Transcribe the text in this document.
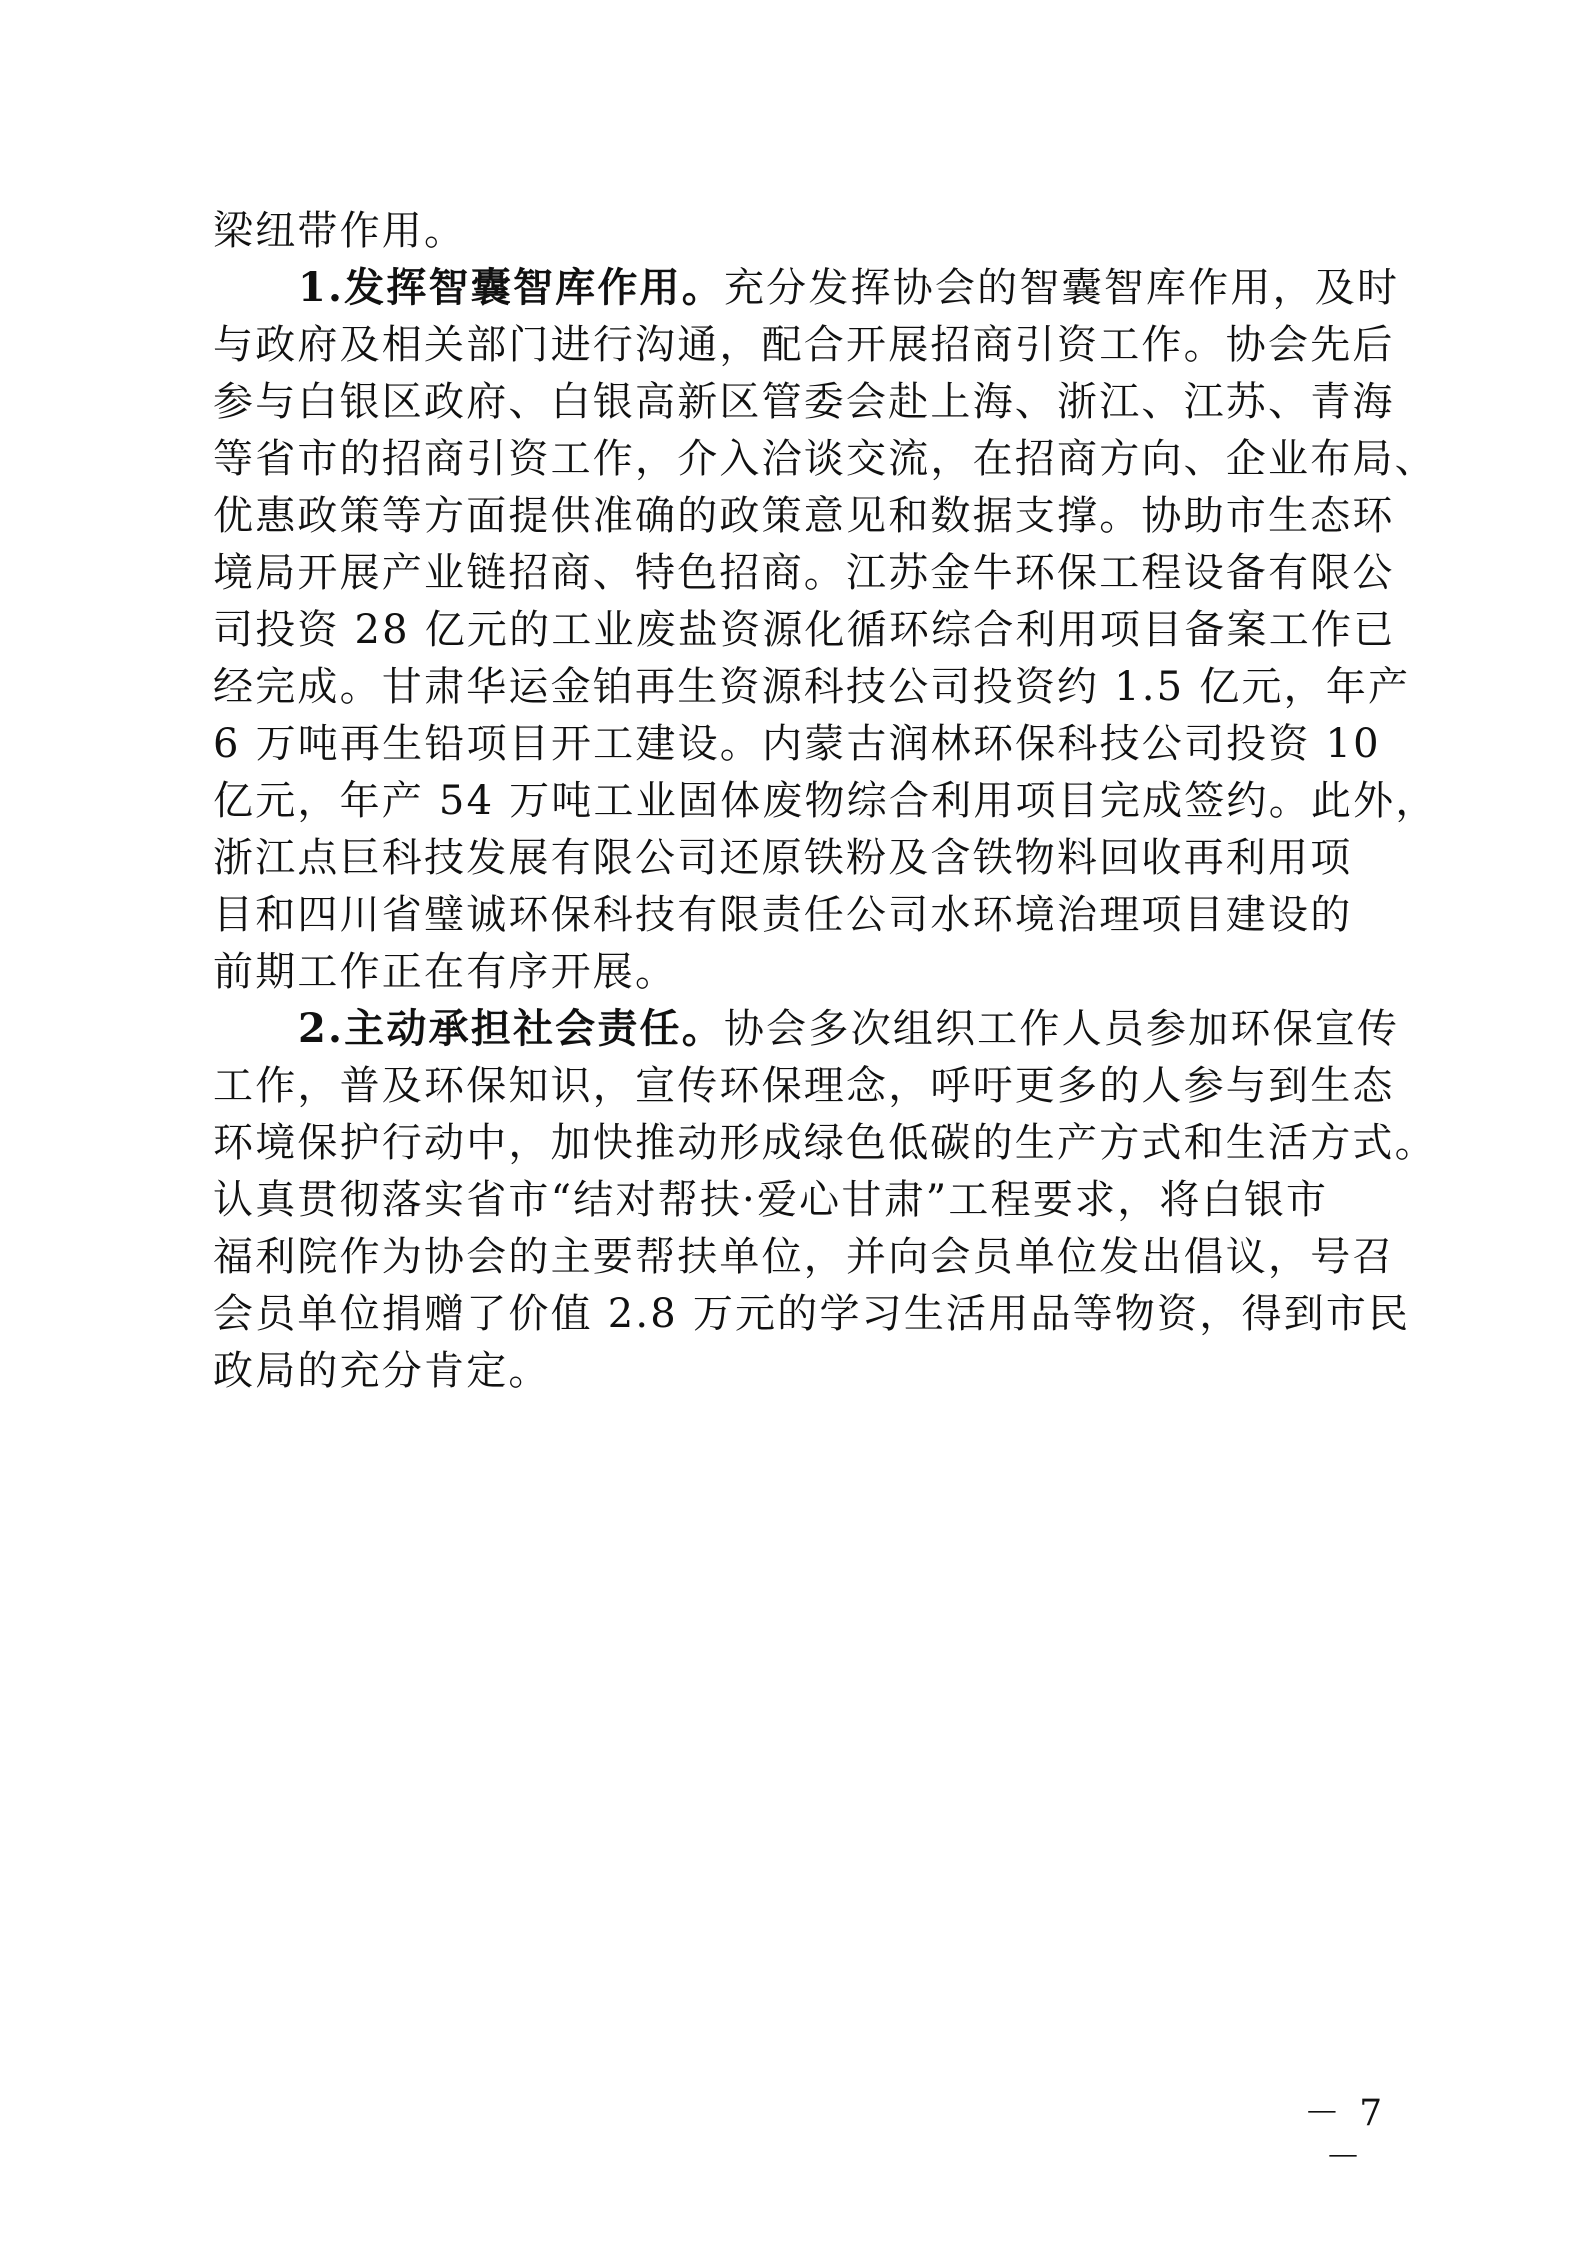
梁纽带作用。
1.发挥智囊智库作用。充分发挥协会的智囊智库作用，及时
与政府及相关部门进行沟通，配合开展招商引资工作。协会先后
参与白银区政府、白银高新区管委会赴上海、浙江、江苏、青海
等省市的招商引资工作，介入洽谈交流，在招商方向、企业布局、
优惠政策等方面提供准确的政策意见和数据支撑。协助市生态环
境局开展产业链招商、特色招商。江苏金牛环保工程设备有限公
司投资 28 亿元的工业废盐资源化循环综合利用项目备案工作已
经完成。甘肃华运金铂再生资源科技公司投资约 1.5 亿元，年产
6 万吨再生铅项目开工建设。内蒙古润林环保科技公司投资 10
亿元，年产 54 万吨工业固体废物综合利用项目完成签约。此外，
浙江点巨科技发展有限公司还原铁粉及含铁物料回收再利用项
目和四川省璧诚环保科技有限责任公司水环境治理项目建设的
前期工作正在有序开展。
2.主动承担社会责任。协会多次组织工作人员参加环保宣传
工作，普及环保知识，宣传环保理念，呼吁更多的人参与到生态
环境保护行动中，加快推动形成绿色低碳的生产方式和生活方式。
认真贯彻落实省市“结对帮扶·爱心甘肃”工程要求，将白银市
福利院作为协会的主要帮扶单位，并向会员单位发出倡议，号召
会员单位捐赠了价值 2.8 万元的学习生活用品等物资，得到市民
政局的充分肯定。
－ 7 －
